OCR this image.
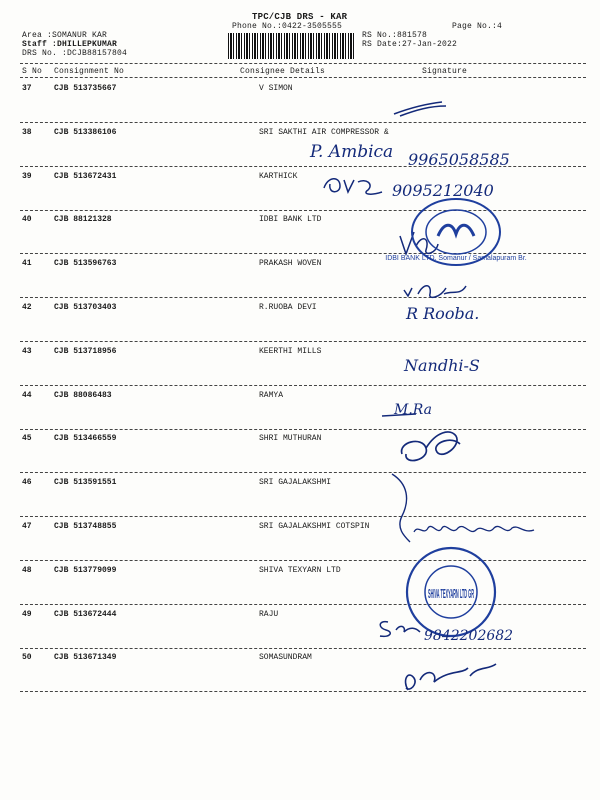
TPC/CJB DRS - KAR
Phone No.:0422-3505555	Page No.:4
Area :SOMANUR KAR
Staff :DHILLEPKUMAR
DRS No. :DCJB88157804
RS No.:881578
RS Date:27-Jan-2022
S No Consignment No	Consignee Details	Signature
37	CJB 513735667	V SIMON
38	CJB 513386106	SRI SAKTHI AIR COMPRESSOR &
39	CJB 513672431	KARTHICK
40	CJB 88121328	IDBI BANK LTD
41	CJB 513596763	PRAKASH WOVEN
42	CJB 513703403	R.RUOBA DEVI
43	CJB 513718956	KEERTHI MILLS
44	CJB 88086483	RAMYA
45	CJB 513466559	SHRI MUTHURAN
46	CJB 513591551	SRI GAJALAKSHMI
47	CJB 513748855	SRI GAJALAKSHMI COTSPIN
48	CJB 513779099	SHIVA TEXYARN LTD
49	CJB 513672444	RAJU
50	CJB 513671349	SOMASUNDRAM
P. Ambica 9965058585
9095212040
IDBI BANK LTD. Somanur / Samalapuram Br.
R Rooba.
Nandhi-S
M.Ra
SHIVA TEXYARN LTD GR
9842202682
